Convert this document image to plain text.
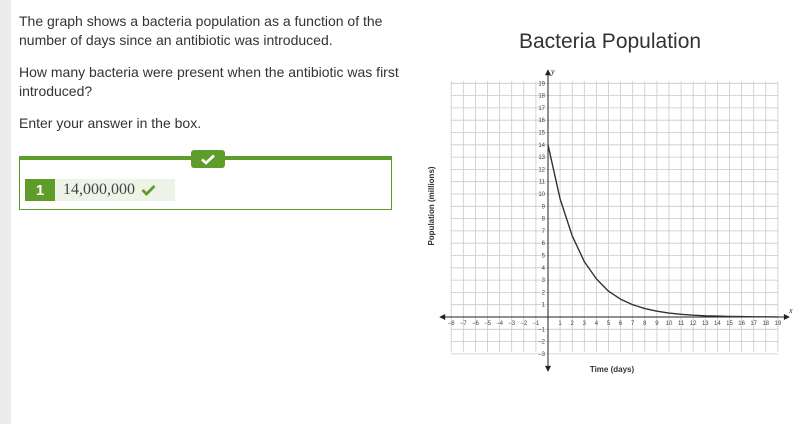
The graph shows a bacteria population as a function of the number of days since an antibiotic was introduced.

How many bacteria were present when the antibiotic was first introduced?

Enter your answer in the box.

1	14,000,000
Bacteria Population
−8 −7 −6 −5 −4 −3 −2 −1	1 2 3 4 5 6 7 8 9 10 11 12 13 14 15 16 17 18 19
−3
−2
−1
1
2
3
4
5
6
7
8
9
10
11
12
13
14
15
16
17
18
19
Time (days)
Population (millions)
x
y
